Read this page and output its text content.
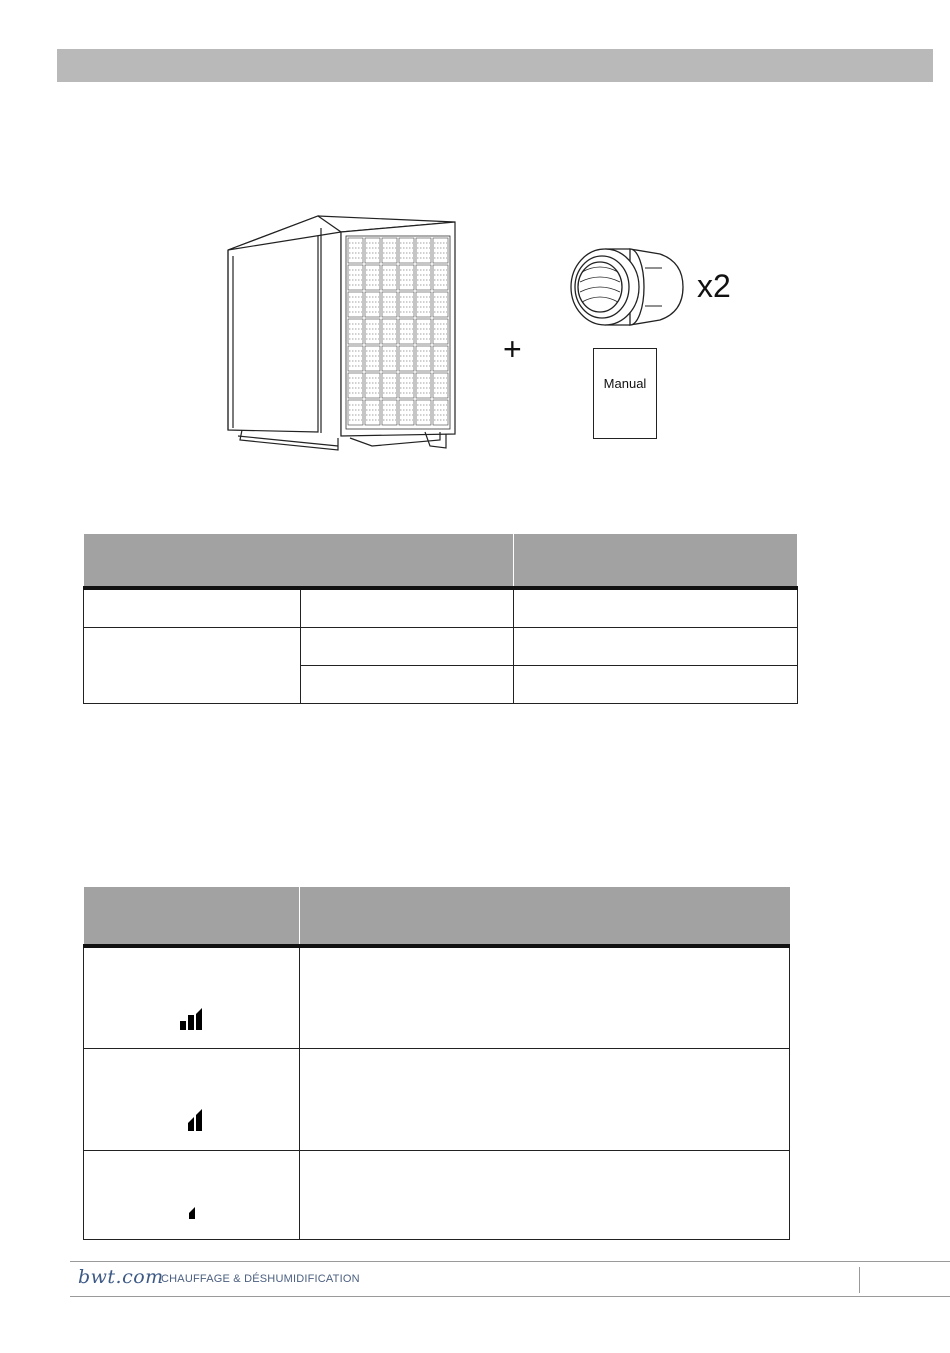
+
x2
Manual

bwt.com
CHAUFFAGE & DÉSHUMIDIFICATION
